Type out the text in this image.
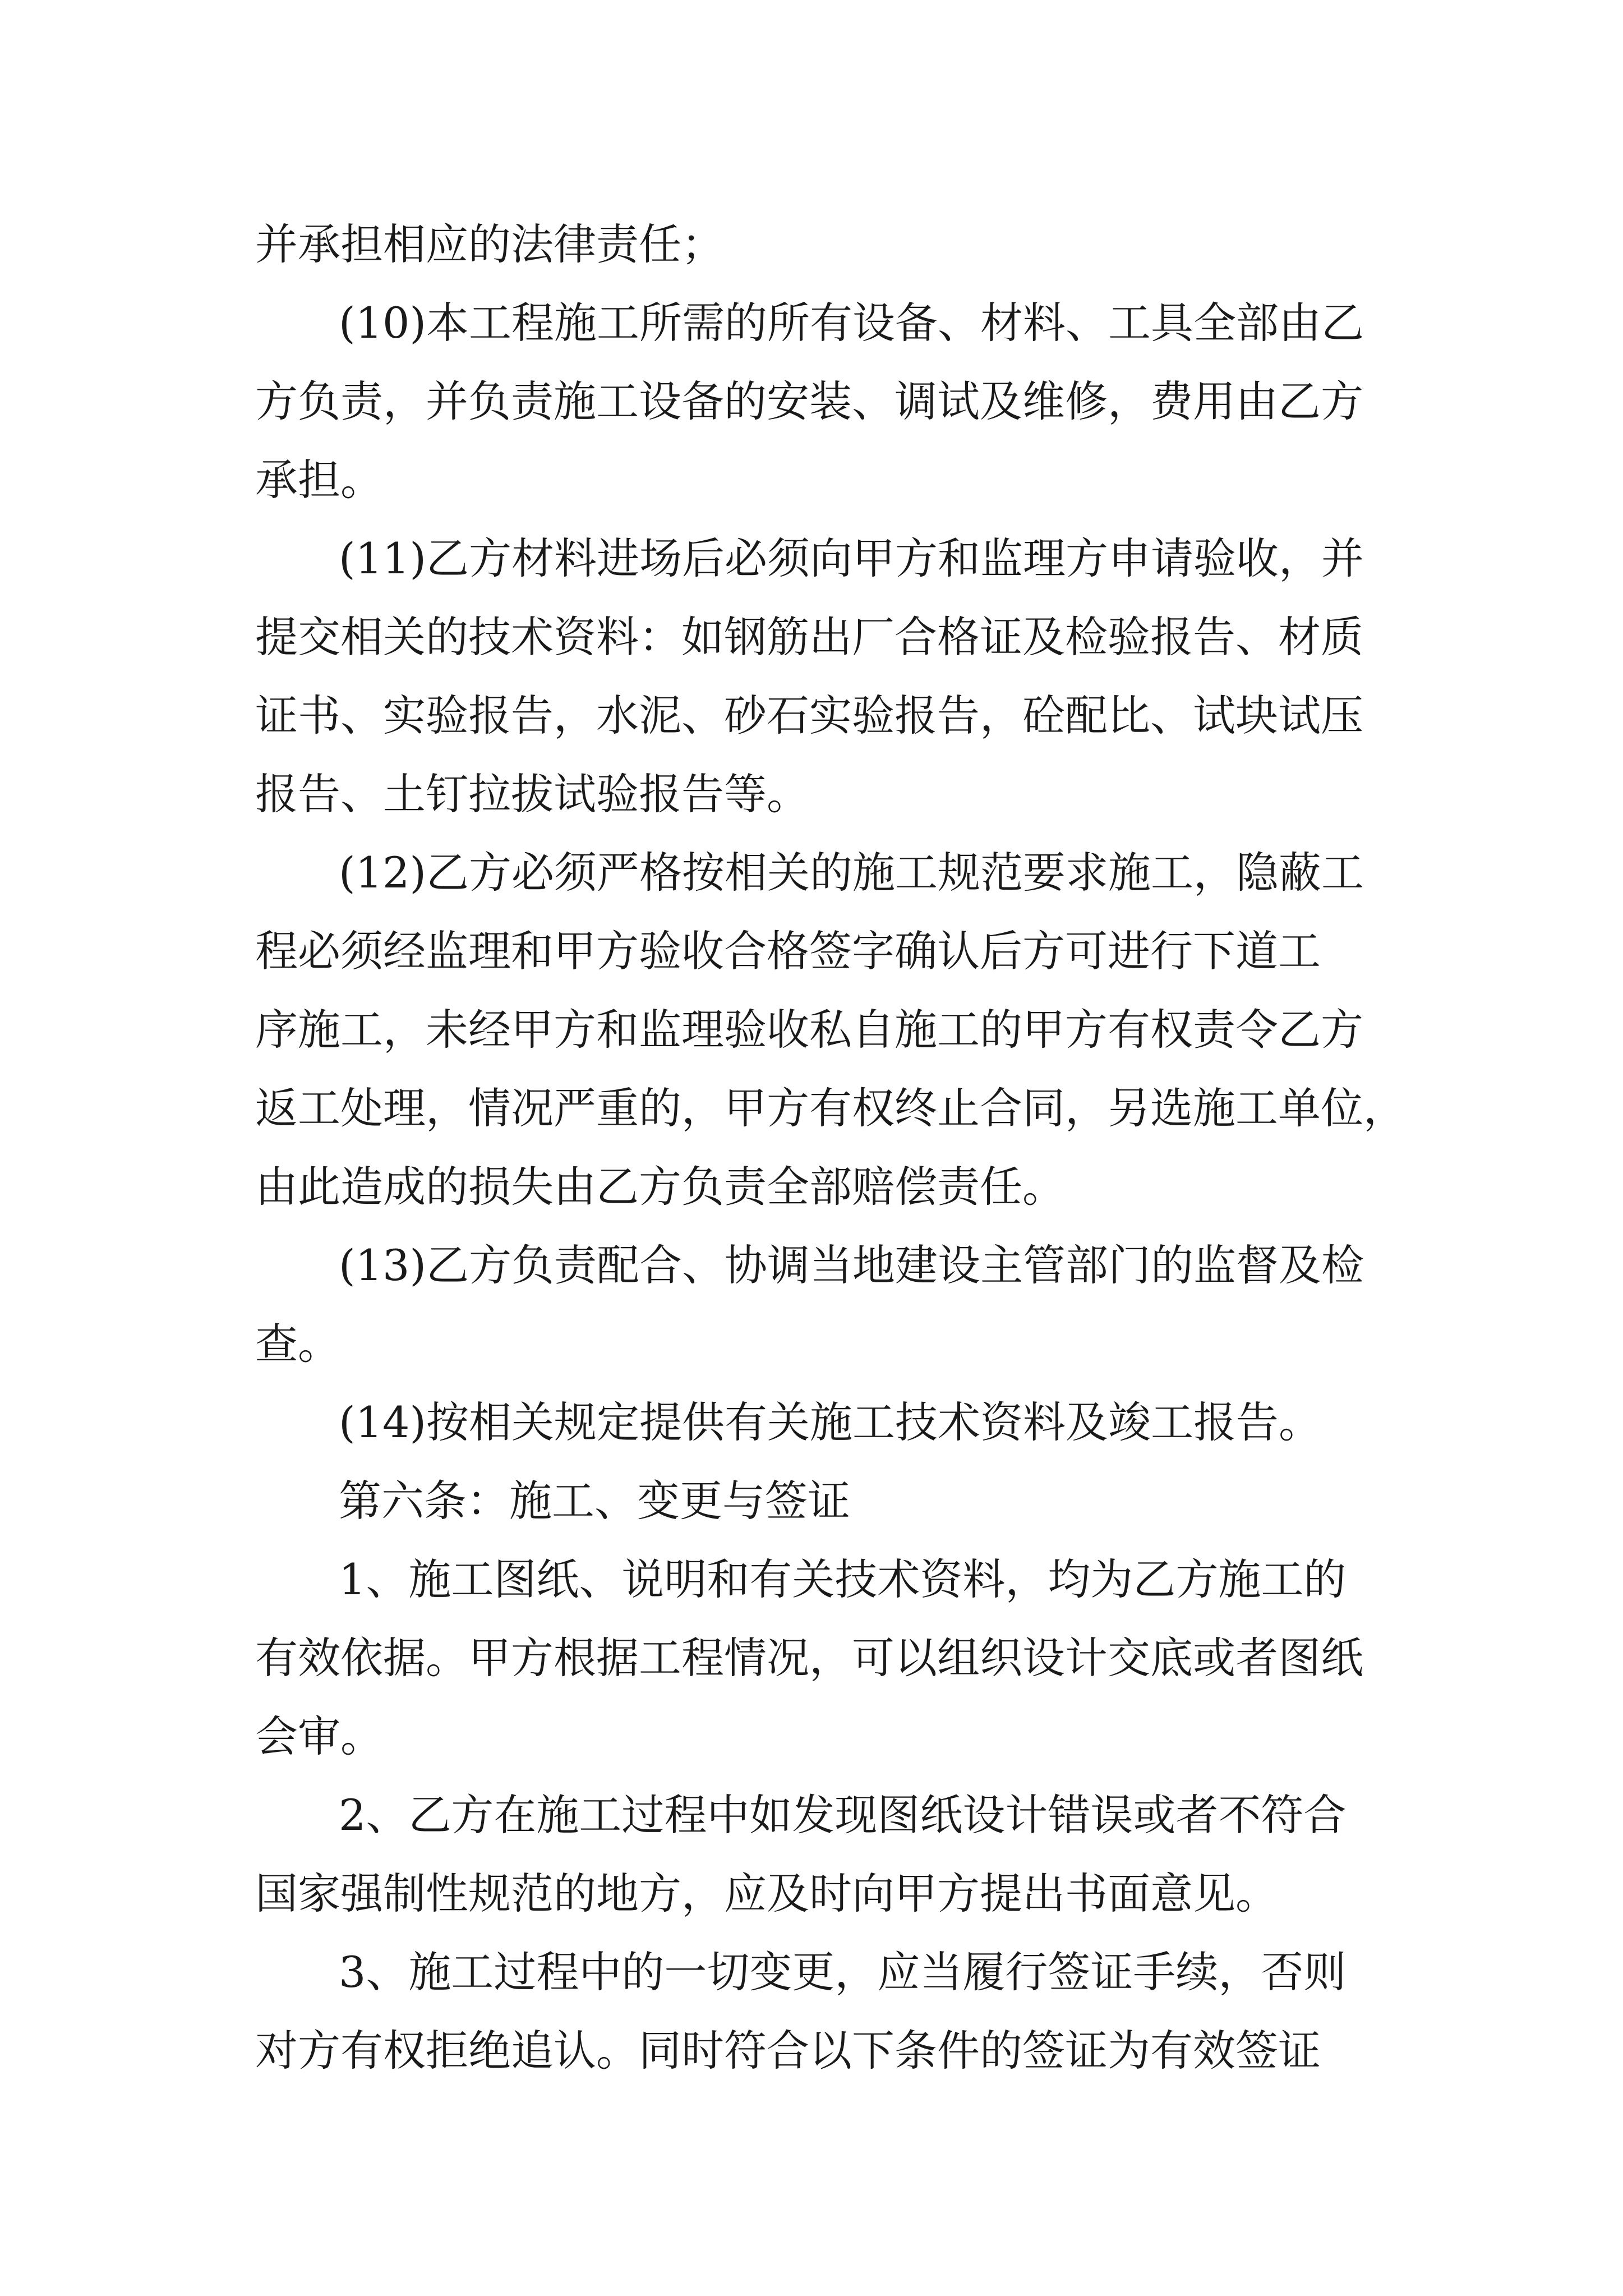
并承担相应的法律责任；
(10)本工程施工所需的所有设备、材料、工具全部由乙
方负责，并负责施工设备的安装、调试及维修，费用由乙方
承担。
(11)乙方材料进场后必须向甲方和监理方申请验收，并
提交相关的技术资料：如钢筋出厂合格证及检验报告、材质
证书、实验报告，水泥、砂石实验报告，砼配比、试块试压
报告、土钉拉拔试验报告等。
(12)乙方必须严格按相关的施工规范要求施工，隐蔽工
程必须经监理和甲方验收合格签字确认后方可进行下道工
序施工，未经甲方和监理验收私自施工的甲方有权责令乙方
返工处理，情况严重的，甲方有权终止合同，另选施工单位，
由此造成的损失由乙方负责全部赔偿责任。
(13)乙方负责配合、协调当地建设主管部门的监督及检
查。
(14)按相关规定提供有关施工技术资料及竣工报告。
第六条：施工、变更与签证
1、施工图纸、说明和有关技术资料，均为乙方施工的
有效依据。甲方根据工程情况，可以组织设计交底或者图纸
会审。
2、乙方在施工过程中如发现图纸设计错误或者不符合
国家强制性规范的地方，应及时向甲方提出书面意见。
3、施工过程中的一切变更，应当履行签证手续，否则
对方有权拒绝追认。同时符合以下条件的签证为有效签证
